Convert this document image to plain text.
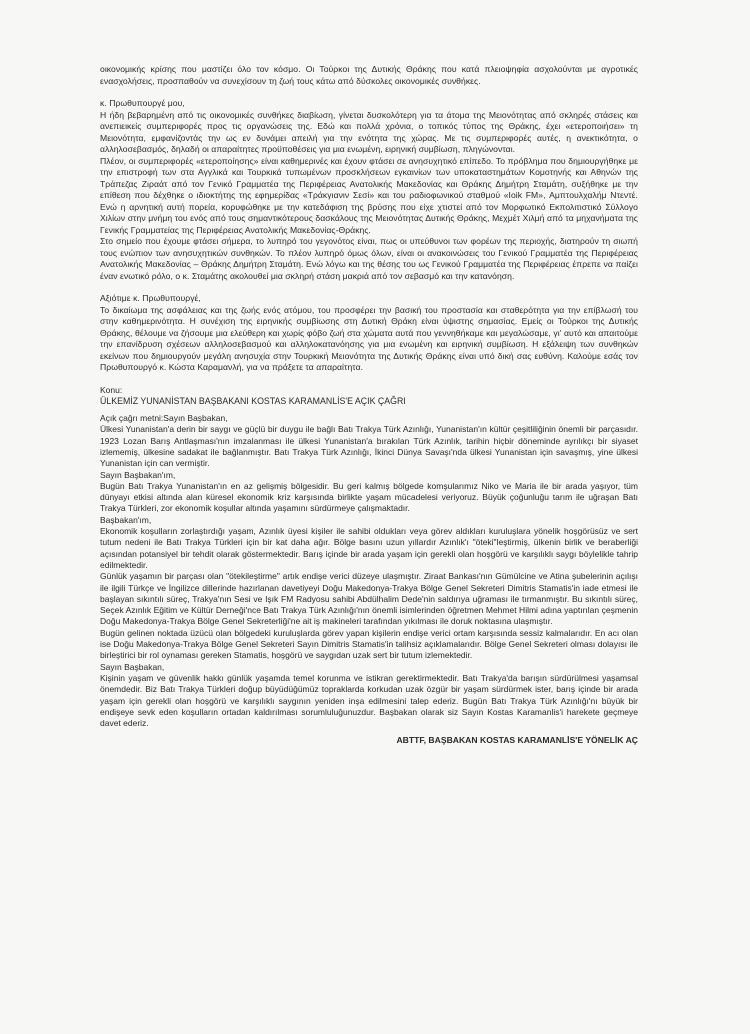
οικονομικής κρίσης που μαστίζει όλο τον κόσμο. Οι Τούρκοι της Δυτικής Θράκης που κατά πλειοψηφία ασχολούνται με αγροτικές ενασχολήσεις, προσπαθούν να συνεχίσουν τη ζωή τους κάτω από δύσκολες οικονομικές συνθήκες.

κ. Πρωθυπουργέ μου,

Η ήδη βεβαρημένη από τις οικονομικές συνθήκες διαβίωση, γίνεται δυσκολότερη για τα άτομα της Μειονότητας από σκληρές στάσεις και ανεπιεικείς συμπεριφορές προς τις οργανώσεις της. Εδώ και πολλά χρόνια, ο τοπικός τύπος της Θράκης, έχει «ετεροποιήσει» τη Μειονότητα, εμφανίζοντάς την ως εν δυνάμει απειλή για την ενότητα της χώρας. Με τις συμπεριφορές αυτές, η ανεκτικότητα, ο αλληλοσεβασμός, δηλαδή οι απαραίτητες προϋποθέσεις για μια ενωμένη, ειρηνική συμβίωση, πληγώνονται.

Πλέον, οι συμπεριφορές «ετεροποίησης» είναι καθημερινές και έχουν φτάσει σε ανησυχητικό επίπεδο. Το πρόβλημα που δημιουργήθηκε με την επιστροφή των στα Αγγλικά και Τουρκικά τυπωμένων προσκλήσεων εγκαινίων των υποκαταστημάτων Κομοτηνής και Αθηνών της Τράπεζας Ζιραάτ από τον Γενικό Γραμματέα της Περιφέρειας Ανατολικής Μακεδονίας και Θράκης Δημήτρη Σταμάτη, συξήθηκε με την επίθεση που δέχθηκε ο ιδιοκτήτης της εφημερίδας «Τράκγιανιν Σεσί» και του ραδιοφωνικού σταθμού «Ioik FM», Αμπτουλχαλήμ Ντεντέ. Ενώ η αρνητική αυτή πορεία, κορυφώθηκε με την κατεδάφιση της βρύσης που είχε χτιστεί από τον Μορφωτικό Εκπολιτιστικό Σύλλογο Χιλίων στην μνήμη του ενός από τους σημαντικότερους δασκάλους της Μειονότητας Δυτικής Θράκης, Μεχμέτ Χιλμή από τα μηχανήματα της Γενικής Γραμματείας της Περιφέρειας Ανατολικής Μακεδονίας-Θράκης.

Στο σημείο που έχουμε φτάσει σήμερα, το λυπηρό του γεγονότος είναι, πως οι υπεύθυνοι των φορέων της περιοχής, διατηρούν τη σιωπή τους ενώπιον των ανησυχητικών συνθηκών. Το πλέον λυπηρό όμως όλων, είναι οι ανακοινώσεις του Γενικού Γραμματέα της Περιφέρειας Ανατολικής Μακεδονίας – Θράκης Δημήτρη Σταμάτη. Ενώ λόγω και της θέσης του ως Γενικού Γραμματέα της Περιφέρειας έπρεπε να παίζει έναν ενωτικό ρόλο, ο κ. Σταμάτης ακολουθεί μια σκληρή στάση μακριά από τον σεβασμό και την κατανόηση.

Αξιότιμε κ. Πρωθυπουργέ,

Το δικαίωμα της ασφάλειας και της ζωής ενός ατόμου, του προσφέρει την βασική του προστασία και σταθερότητα για την επίβλωσή του στην καθημερινότητα. Η συνέχιση της ειρηνικής συμβίωσης στη Δυτική Θράκη είναι ύψιστης σημασίας. Εμείς οι Τούρκοι της Δυτικής Θράκης, θέλουμε να ζήσουμε μια ελεύθερη και χωρίς φόβο ζωή στα χώματα αυτά που γεννηθήκαμε και μεγαλώσαμε, γι' αυτό και απαιτούμε την επανίδρυση σχέσεων αλληλοσεβασμού και αλληλοκατανόησης για μια ενωμένη και ειρηνική συμβίωση. Η εξάλειψη των συνθηκών εκείνων που δημιουργούν μεγάλη ανησυχία στην Τουρκική Μειονότητα της Δυτικής Θράκης είναι υπό δική σας ευθύνη. Καλούμε εσάς τον Πρωθυπουργό κ. Κώστα Καραμανλή, για να πράξετε τα απαραίτητα.

Konu:

ÜLKEMİZ YUNANİSTAN BAŞBAKANI KOSTAS KARAMANLİS'E AÇIK ÇAĞRI

Açık çağrı metni:Sayın Başbakan,

Ülkesi Yunanistan'a derin bir saygı ve güçlü bir duygu ile bağlı Batı Trakya Türk Azınlığı, Yunanistan'ın kültür çeşitliliğinin önemli bir parçasıdır. 1923 Lozan Barış Antlaşması'nın imzalanması ile ülkesi Yunanistan'a bırakılan Türk Azınlık, tarihin hiçbir döneminde ayrılıkçı bir siyaset izlememiş, ülkesine sadakat ile bağlanmıştır. Batı Trakya Türk Azınlığı, İkinci Dünya Savaşı'nda ülkesi Yunanistan için savaşmış, yine ülkesi Yunanistan için can vermiştir.

Sayın Başbakan'ım,

Bugün Batı Trakya Yunanistan'ın en az gelişmiş bölgesidir. Bu geri kalmış bölgede komşularımız Niko ve Maria ile bir arada yaşıyor, tüm dünyayı etkisi altında alan küresel ekonomik kriz karşısında birlikte yaşam mücadelesi veriyoruz. Büyük çoğunluğu tarım ile uğraşan Batı Trakya Türkleri, zor ekonomik koşullar altında yaşamını sürdürmeye çalışmaktadır.

Başbakan'ım,

Ekonomik koşulların zorlaştırdığı yaşam, Azınlık üyesi kişiler ile sahibi oldukları veya görev aldıkları kuruluşlara yönelik hoşgörüsüz ve sert tutum nedeni ile Batı Trakya Türkleri için bir kat daha ağır. Bölge basını uzun yıllardır Azınlık'ı "öteki"leştirmiş, ülkenin birlik ve beraberliği açısından potansiyel bir tehdit olarak göstermektedir. Barış içinde bir arada yaşam için gerekli olan hoşgörü ve karşılıklı saygı böylelikle tahrip edilmektedir.

Günlük yaşamın bir parçası olan "ötekileştirme" artık endişe verici düzeye ulaşmıştır. Ziraat Bankası'nın Gümülcine ve Atina şubelerinin açılışı ile ilgili Türkçe ve İngilizce dillerinde hazırlanan davetiyeyi Doğu Makedonya-Trakya Bölge Genel Sekreteri Dimitris Stamatis'in iade etmesi ile başlayan sıkıntılı süreç, Trakya'nın Sesi ve Işık FM Radyosu sahibi Abdülhalim Dede'nin saldırıya uğraması ile tırmanmıştır. Bu sıkıntılı süreç, Seçek Azınlık Eğitim ve Kültür Derneği'nce Batı Trakya Türk Azınlığı'nın önemli isimlerinden öğretmen Mehmet Hilmi adına yaptırılan çeşmenin Doğu Makedonya-Trakya Bölge Genel Sekreterliği'ne ait iş makineleri tarafından yıkılması ile doruk noktasına ulaşmıştır.

Bugün gelinen noktada üzücü olan bölgedeki kuruluşlarda görev yapan kişilerin endişe verici ortam karşısında sessiz kalmalarıdır. En acı olan ise Doğu Makedonya-Trakya Bölge Genel Sekreteri Sayın Dimitris Stamatis'in talihsiz açıklamalarıdır. Bölge Genel Sekreteri olması dolayısı ile birleştirici bir rol oynaması gereken Stamatis, hoşgörü ve saygıdan uzak sert bir tutum izlemektedir.

Sayın Başbakan,

Kişinin yaşam ve güvenlik hakkı günlük yaşamda temel korunma ve istikran gerektirmektedir. Batı Trakya'da barışın sürdürülmesi yaşamsal önemdedir. Biz Batı Trakya Türkleri doğup büyüdüğümüz topraklarda korkudan uzak özgür bir yaşam sürdürmek ister, barış içinde bir arada yaşam için gerekli olan hoşgörü ve karşılıklı saygının yeniden inşa edilmesini talep ederiz. Bugün Batı Trakya Türk Azınlığı'nı büyük bir endişeye sevk eden koşulların ortadan kaldırılması sorumluluğunuzdur. Başbakan olarak siz Sayın Kostas Karamanlis'i harekete geçmeye davet ederiz.

ABTTF, BAŞBAKAN KOSTAS KARAMANLİS'E YÖNELİK AÇ
